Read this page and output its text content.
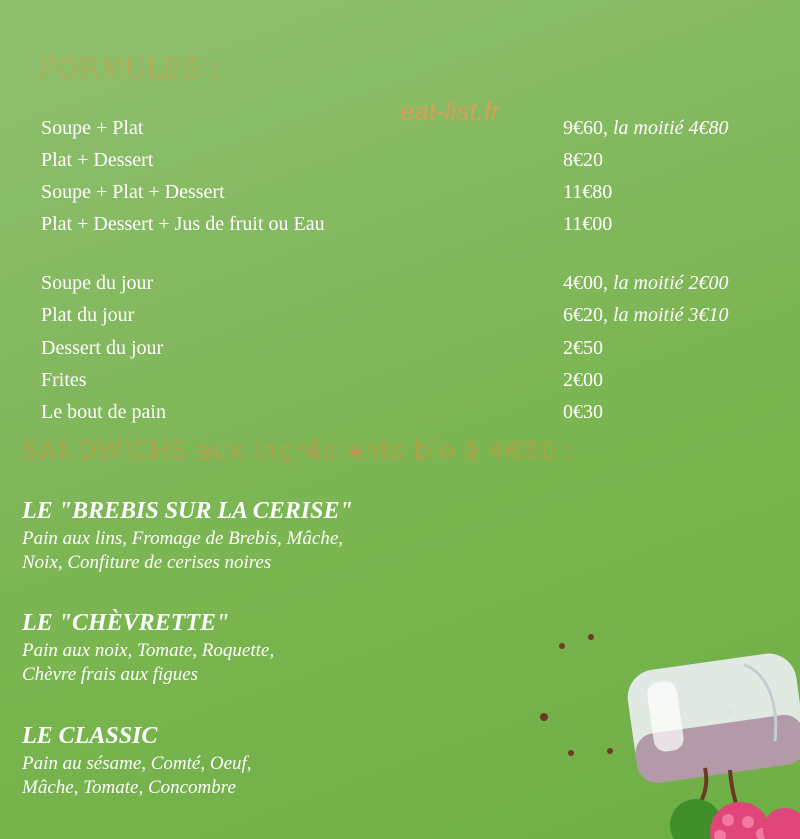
FORMULES :
eat-list.fr
Soupe + Plat	9€60, la moitié 4€80
Plat + Dessert	8€20
Soupe + Plat + Dessert	11€80
Plat + Dessert + Jus de fruit ou Eau	11€00
Soupe du jour	4€00, la moitié 2€00
Plat du jour	6€20, la moitié 3€10
Dessert du jour	2€50
Frites	2€00
Le bout de pain	0€30
SANDWICHS aux ingrédients bio à 4€60 :
LE "BREBIS SUR LA CERISE"

Pain aux lins, Fromage de Brebis, Mâche,
Noix, Confiture de cerises noires

LE "CHÈVRETTE"

Pain aux noix, Tomate, Roquette,
Chèvre frais aux figues

LE CLASSIC

Pain au sésame, Comté, Oeuf,
Mâche, Tomate, Concombre
